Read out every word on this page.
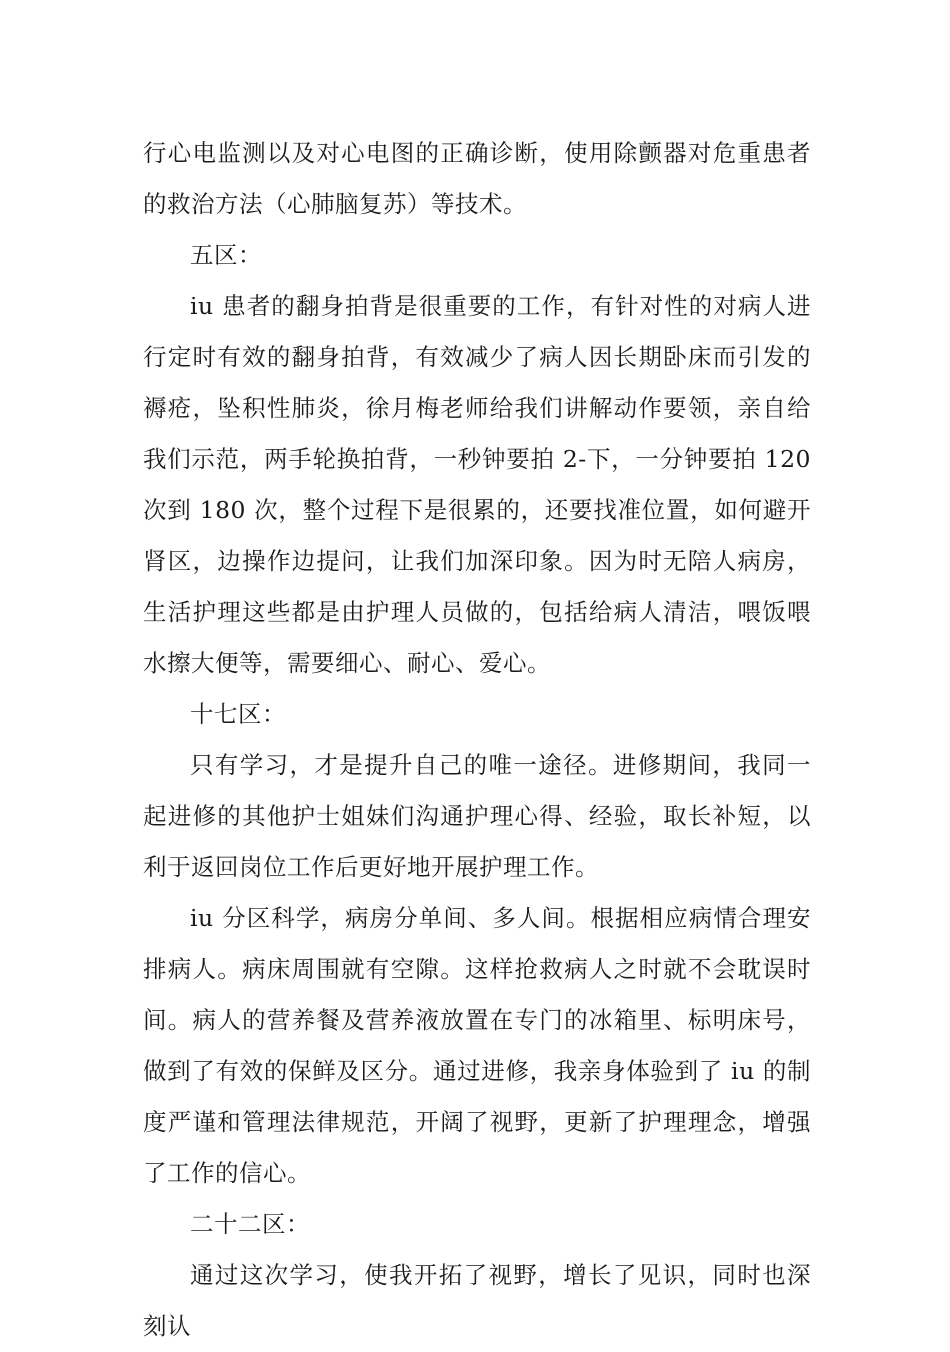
行心电监测以及对心电图的正确诊断，使用除颤器对危重患者的救治方法（心肺脑复苏）等技术。

五区：

iu 患者的翻身拍背是很重要的工作，有针对性的对病人进行定时有效的翻身拍背，有效减少了病人因长期卧床而引发的褥疮，坠积性肺炎，徐月梅老师给我们讲解动作要领，亲自给我们示范，两手轮换拍背，一秒钟要拍 2-下，一分钟要拍 120 次到 180 次，整个过程下是很累的，还要找准位置，如何避开肾区，边操作边提问，让我们加深印象。因为时无陪人病房，生活护理这些都是由护理人员做的，包括给病人清洁，喂饭喂水擦大便等，需要细心、耐心、爱心。

十七区：

只有学习，才是提升自己的唯一途径。进修期间，我同一起进修的其他护士姐妹们沟通护理心得、经验，取长补短，以利于返回岗位工作后更好地开展护理工作。

iu 分区科学，病房分单间、多人间。根据相应病情合理安排病人。病床周围就有空隙。这样抢救病人之时就不会耽误时间。病人的营养餐及营养液放置在专门的冰箱里、标明床号，做到了有效的保鲜及区分。通过进修，我亲身体验到了 iu 的制度严谨和管理法律规范，开阔了视野，更新了护理理念，增强了工作的信心。

二十二区：

通过这次学习，使我开拓了视野，增长了见识，同时也深刻认
